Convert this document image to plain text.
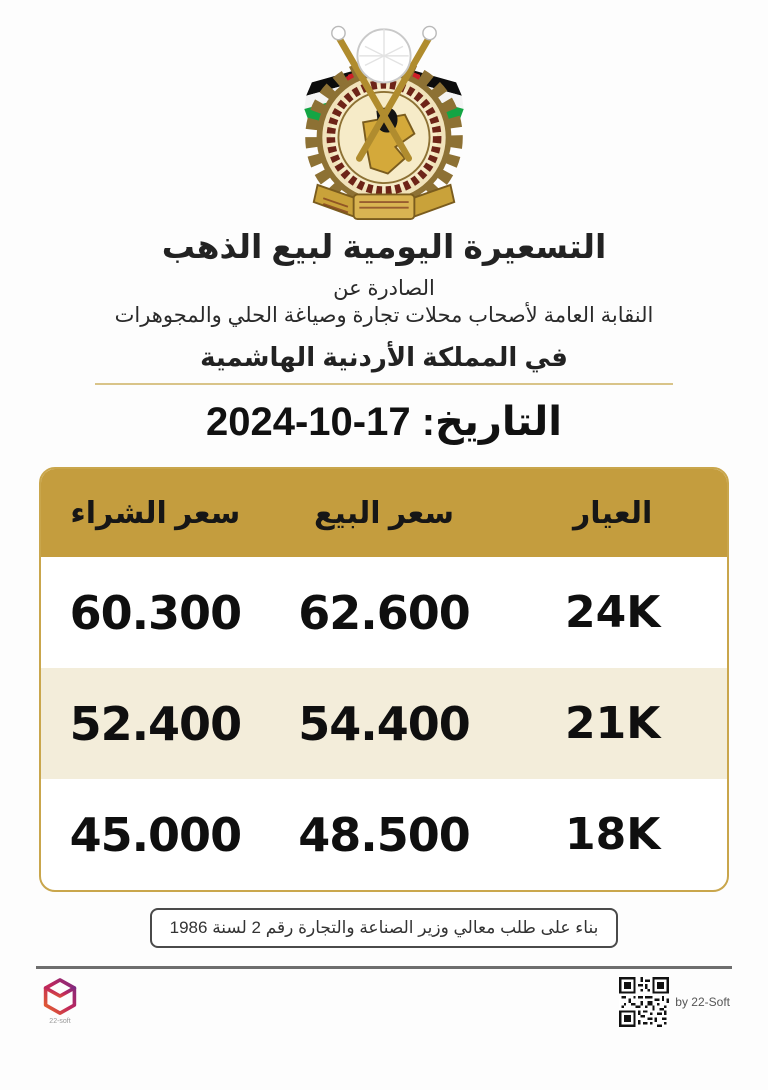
التسعيرة اليومية لبيع الذهب
الصادرة عن
النقابة العامة لأصحاب محلات تجارة وصياغة الحلي والمجوهرات
في المملكة الأردنية الهاشمية
التاريخ: 17-10-2024
العيار
سعر البيع
سعر الشراء
24K
62.600
60.300
21K
54.400
52.400
18K
48.500
45.000
بناء على طلب معالي وزير الصناعة والتجارة رقم 2 لسنة 1986
22-soft
by 22-Soft
